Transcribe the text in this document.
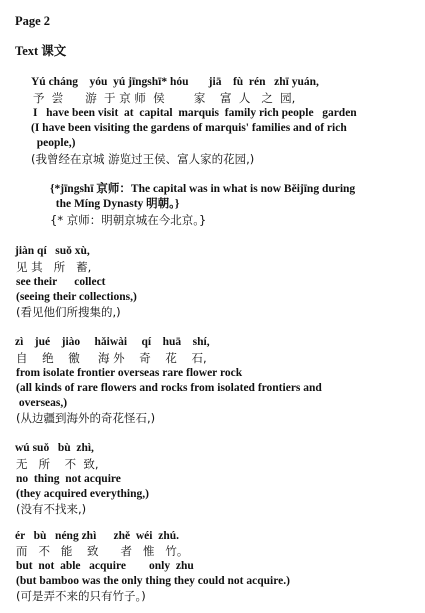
Page 2
Text 课文
Yú cháng    yóu  yú jīngshī* hóu       jiā    fù  rén   zhī yuán,
予  尝      游  于 京 师  侯        家    富  人   之  园,
I   have been visit  at  capital  marquis  family rich people   garden
(I have been visiting the gardens of marquis' families and of rich
people,)
(我曾经在京城 游览过王侯、富人家的花园,)
{*jīngshī 京师：The capital was in what is now Běijīng during
the Míng Dynasty 明朝。}
{* 京师：明朝京城在今北京。}
jiàn qí   suǒ xù,
见 其   所   蓄,
see their      collect
(seeing their collections,)
(看见他们所搜集的,)
zì    jué    jiào     hǎiwài     qí    huā    shí,
自    绝    徼     海 外    奇    花    石,
from isolate frontier overseas rare flower rock
(all kinds of rare flowers and rocks from isolated frontiers and
overseas,)
(从边疆到海外的奇花怪石,)
wú suǒ   bù  zhì,
无   所    不  致,
no  thing  not acquire
(they acquired everything,)
(没有不找来,)
ér   bù   néng zhì      zhě  wéi  zhú.
而   不   能    致      者   惟   竹。
but  not  able   acquire        only  zhu
(but bamboo was the only thing they could not acquire.)
(可是弄不来的只有竹子。)
